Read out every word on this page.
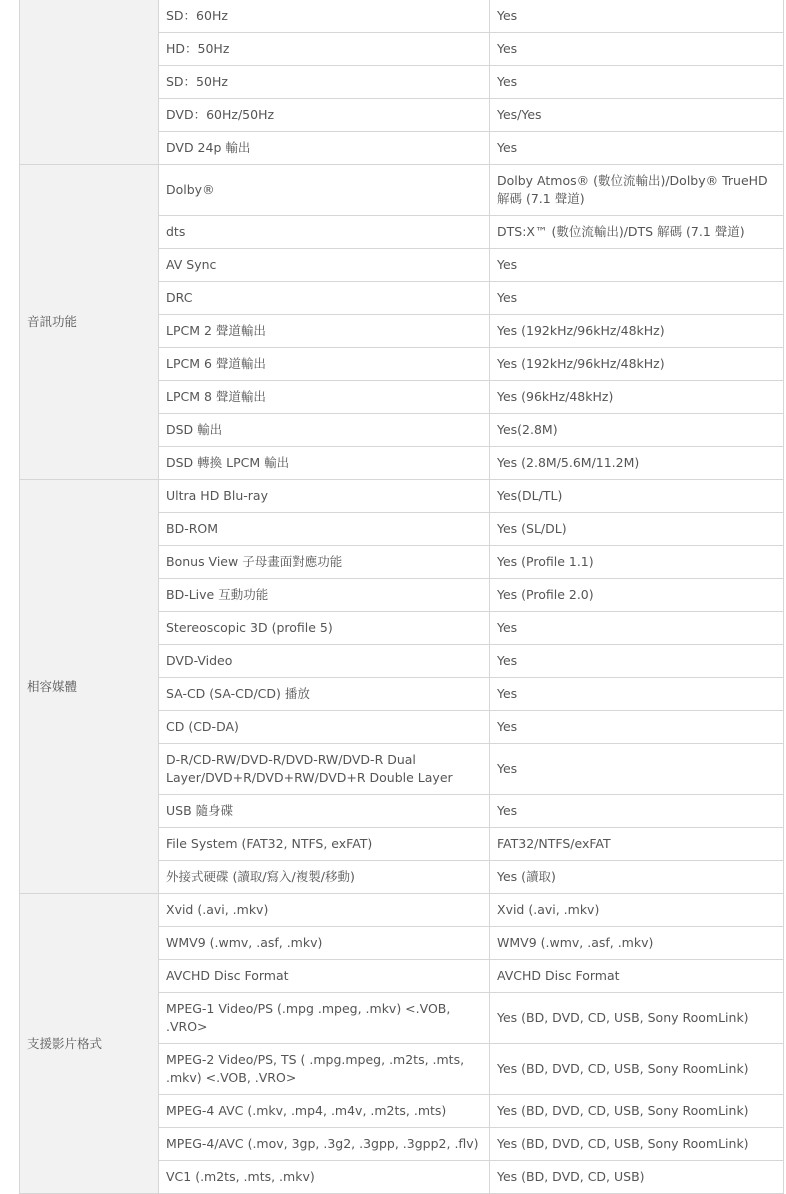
	SD：60Hz	Yes
	HD：50Hz	Yes
	SD：50Hz	Yes
	DVD：60Hz/50Hz	Yes/Yes
	DVD 24p 輸出	Yes
音訊功能	Dolby®	Dolby Atmos® (數位流輸出)/Dolby® TrueHD 解碼 (7.1 聲道)
	dts	DTS:X™ (數位流輸出)/DTS 解碼 (7.1 聲道)
	AV Sync	Yes
	DRC	Yes
	LPCM 2 聲道輸出	Yes (192kHz/96kHz/48kHz)
	LPCM 6 聲道輸出	Yes (192kHz/96kHz/48kHz)
	LPCM 8 聲道輸出	Yes (96kHz/48kHz)
	DSD 輸出	Yes(2.8M)
	DSD 轉換 LPCM 輸出	Yes (2.8M/5.6M/11.2M)
相容媒體	Ultra HD Blu-ray	Yes(DL/TL)
	BD-ROM	Yes (SL/DL)
	Bonus View 子母畫面對應功能	Yes (Profile 1.1)
	BD-Live 互動功能	Yes (Profile 2.0)
	Stereoscopic 3D (profile 5)	Yes
	DVD-Video	Yes
	SA-CD (SA-CD/CD) 播放	Yes
	CD (CD-DA)	Yes
	D-R/CD-RW/DVD-R/DVD-RW/DVD-R Dual Layer/DVD+R/DVD+RW/DVD+R Double Layer	Yes
	USB 隨身碟	Yes
	File System (FAT32, NTFS, exFAT)	FAT32/NTFS/exFAT
	外接式硬碟 (讀取/寫入/複製/移動)	Yes (讀取)
支援影片格式	Xvid (.avi, .mkv)	Xvid (.avi, .mkv)
	WMV9 (.wmv, .asf, .mkv)	WMV9 (.wmv, .asf, .mkv)
	AVCHD Disc Format	AVCHD Disc Format
	MPEG-1 Video/PS (.mpg .mpeg, .mkv) <.VOB, .VRO>	Yes (BD, DVD, CD, USB, Sony RoomLink)
	MPEG-2 Video/PS, TS ( .mpg.mpeg, .m2ts, .mts, .mkv) <.VOB, .VRO>	Yes (BD, DVD, CD, USB, Sony RoomLink)
	MPEG-4 AVC (.mkv, .mp4, .m4v, .m2ts, .mts)	Yes (BD, DVD, CD, USB, Sony RoomLink)
	MPEG-4/AVC (.mov, 3gp, .3g2, .3gpp, .3gpp2, .flv)	Yes (BD, DVD, CD, USB, Sony RoomLink)
	VC1 (.m2ts, .mts, .mkv)	Yes (BD, DVD, CD, USB)
